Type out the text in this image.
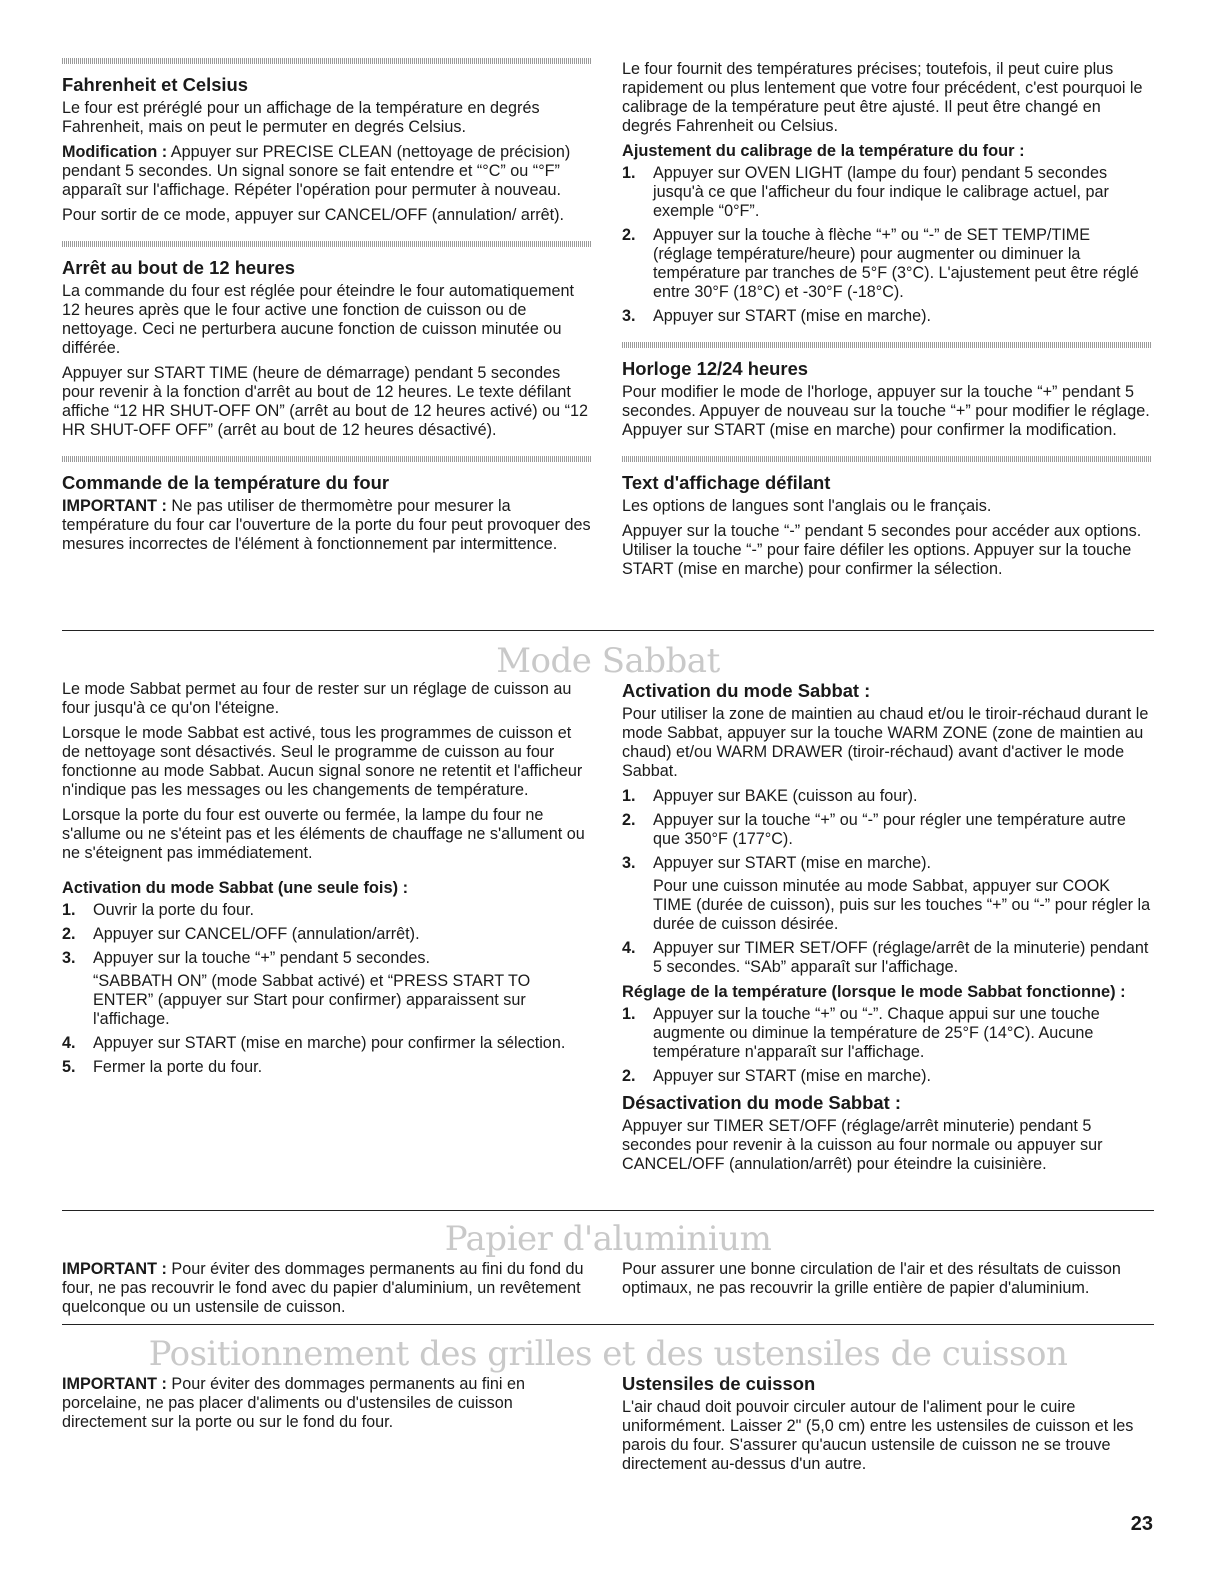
Fahrenheit et Celsius

Le four est préréglé pour un affichage de la température en degrés Fahrenheit, mais on peut le permuter en degrés Celsius.

Modification : Appuyer sur PRECISE CLEAN (nettoyage de précision) pendant 5 secondes. Un signal sonore se fait entendre et “°C” ou “°F” apparaît sur l'affichage. Répéter l'opération pour permuter à nouveau.

Pour sortir de ce mode, appuyer sur CANCEL/OFF (annulation/ arrêt).

Arrêt au bout de 12 heures

La commande du four est réglée pour éteindre le four automatiquement 12 heures après que le four active une fonction de cuisson ou de nettoyage. Ceci ne perturbera aucune fonction de cuisson minutée ou différée.

Appuyer sur START TIME (heure de démarrage) pendant 5 secondes pour revenir à la fonction d'arrêt au bout de 12 heures. Le texte défilant affiche “12 HR SHUT-OFF ON” (arrêt au bout de 12 heures activé) ou “12 HR SHUT-OFF OFF” (arrêt au bout de 12 heures désactivé).

Commande de la température du four

IMPORTANT : Ne pas utiliser de thermomètre pour mesurer la température du four car l'ouverture de la porte du four peut provoquer des mesures incorrectes de l'élément à fonctionnement par intermittence.

Le four fournit des températures précises; toutefois, il peut cuire plus rapidement ou plus lentement que votre four précédent, c'est pourquoi le calibrage de la température peut être ajusté. Il peut être changé en degrés Fahrenheit ou Celsius.

Ajustement du calibrage de la température du four :
1. Appuyer sur OVEN LIGHT (lampe du four) pendant 5 secondes jusqu'à ce que l'afficheur du four indique le calibrage actuel, par exemple “0°F”.
2. Appuyer sur la touche à flèche “+” ou “-” de SET TEMP/TIME (réglage température/heure) pour augmenter ou diminuer la température par tranches de 5°F (3°C). L'ajustement peut être réglé entre 30°F (18°C) et -30°F (-18°C).
3. Appuyer sur START (mise en marche).
Horloge 12/24 heures

Pour modifier le mode de l'horloge, appuyer sur la touche “+” pendant 5 secondes. Appuyer de nouveau sur la touche “+” pour modifier le réglage. Appuyer sur START (mise en marche) pour confirmer la modification.

Text d'affichage défilant

Les options de langues sont l'anglais ou le français.

Appuyer sur la touche “-” pendant 5 secondes pour accéder aux options. Utiliser la touche “-” pour faire défiler les options. Appuyer sur la touche START (mise en marche) pour confirmer la sélection.

Mode Sabbat

Le mode Sabbat permet au four de rester sur un réglage de cuisson au four jusqu'à ce qu'on l'éteigne.

Lorsque le mode Sabbat est activé, tous les programmes de cuisson et de nettoyage sont désactivés. Seul le programme de cuisson au four fonctionne au mode Sabbat. Aucun signal sonore ne retentit et l'afficheur n'indique pas les messages ou les changements de température.

Lorsque la porte du four est ouverte ou fermée, la lampe du four ne s'allume ou ne s'éteint pas et les éléments de chauffage ne s'allument ou ne s'éteignent pas immédiatement.

Activation du mode Sabbat (une seule fois) :
1. Ouvrir la porte du four.
2. Appuyer sur CANCEL/OFF (annulation/arrêt).
3. Appuyer sur la touche “+” pendant 5 secondes.
“SABBATH ON” (mode Sabbat activé) et “PRESS START TO ENTER” (appuyer sur Start pour confirmer) apparaissent sur l'affichage.
4. Appuyer sur START (mise en marche) pour confirmer la sélection.
5. Fermer la porte du four.
Activation du mode Sabbat :

Pour utiliser la zone de maintien au chaud et/ou le tiroir-réchaud durant le mode Sabbat, appuyer sur la touche WARM ZONE (zone de maintien au chaud) et/ou WARM DRAWER (tiroir-réchaud) avant d'activer le mode Sabbat.

1. Appuyer sur BAKE (cuisson au four).
2. Appuyer sur la touche “+” ou “-” pour régler une température autre que 350°F (177°C).
3. Appuyer sur START (mise en marche).
Pour une cuisson minutée au mode Sabbat, appuyer sur COOK TIME (durée de cuisson), puis sur les touches “+” ou “-” pour régler la durée de cuisson désirée.
4. Appuyer sur TIMER SET/OFF (réglage/arrêt de la minuterie) pendant 5 secondes. “SAb” apparaît sur l'affichage.
Réglage de la température (lorsque le mode Sabbat fonctionne) :
1. Appuyer sur la touche “+” ou “-”. Chaque appui sur une touche augmente ou diminue la température de 25°F (14°C). Aucune température n'apparaît sur l'affichage.
2. Appuyer sur START (mise en marche).
Désactivation du mode Sabbat :

Appuyer sur TIMER SET/OFF (réglage/arrêt minuterie) pendant 5 secondes pour revenir à la cuisson au four normale ou appuyer sur CANCEL/OFF (annulation/arrêt) pour éteindre la cuisinière.

Papier d'aluminium

IMPORTANT : Pour éviter des dommages permanents au fini du fond du four, ne pas recouvrir le fond avec du papier d'aluminium, un revêtement quelconque ou un ustensile de cuisson.

Pour assurer une bonne circulation de l'air et des résultats de cuisson optimaux, ne pas recouvrir la grille entière de papier d'aluminium.

Positionnement des grilles et des ustensiles de cuisson

IMPORTANT : Pour éviter des dommages permanents au fini en porcelaine, ne pas placer d'aliments ou d'ustensiles de cuisson directement sur la porte ou sur le fond du four.

Ustensiles de cuisson

L'air chaud doit pouvoir circuler autour de l'aliment pour le cuire uniformément. Laisser 2" (5,0 cm) entre les ustensiles de cuisson et les parois du four. S'assurer qu'aucun ustensile de cuisson ne se trouve directement au-dessus d'un autre.

23
